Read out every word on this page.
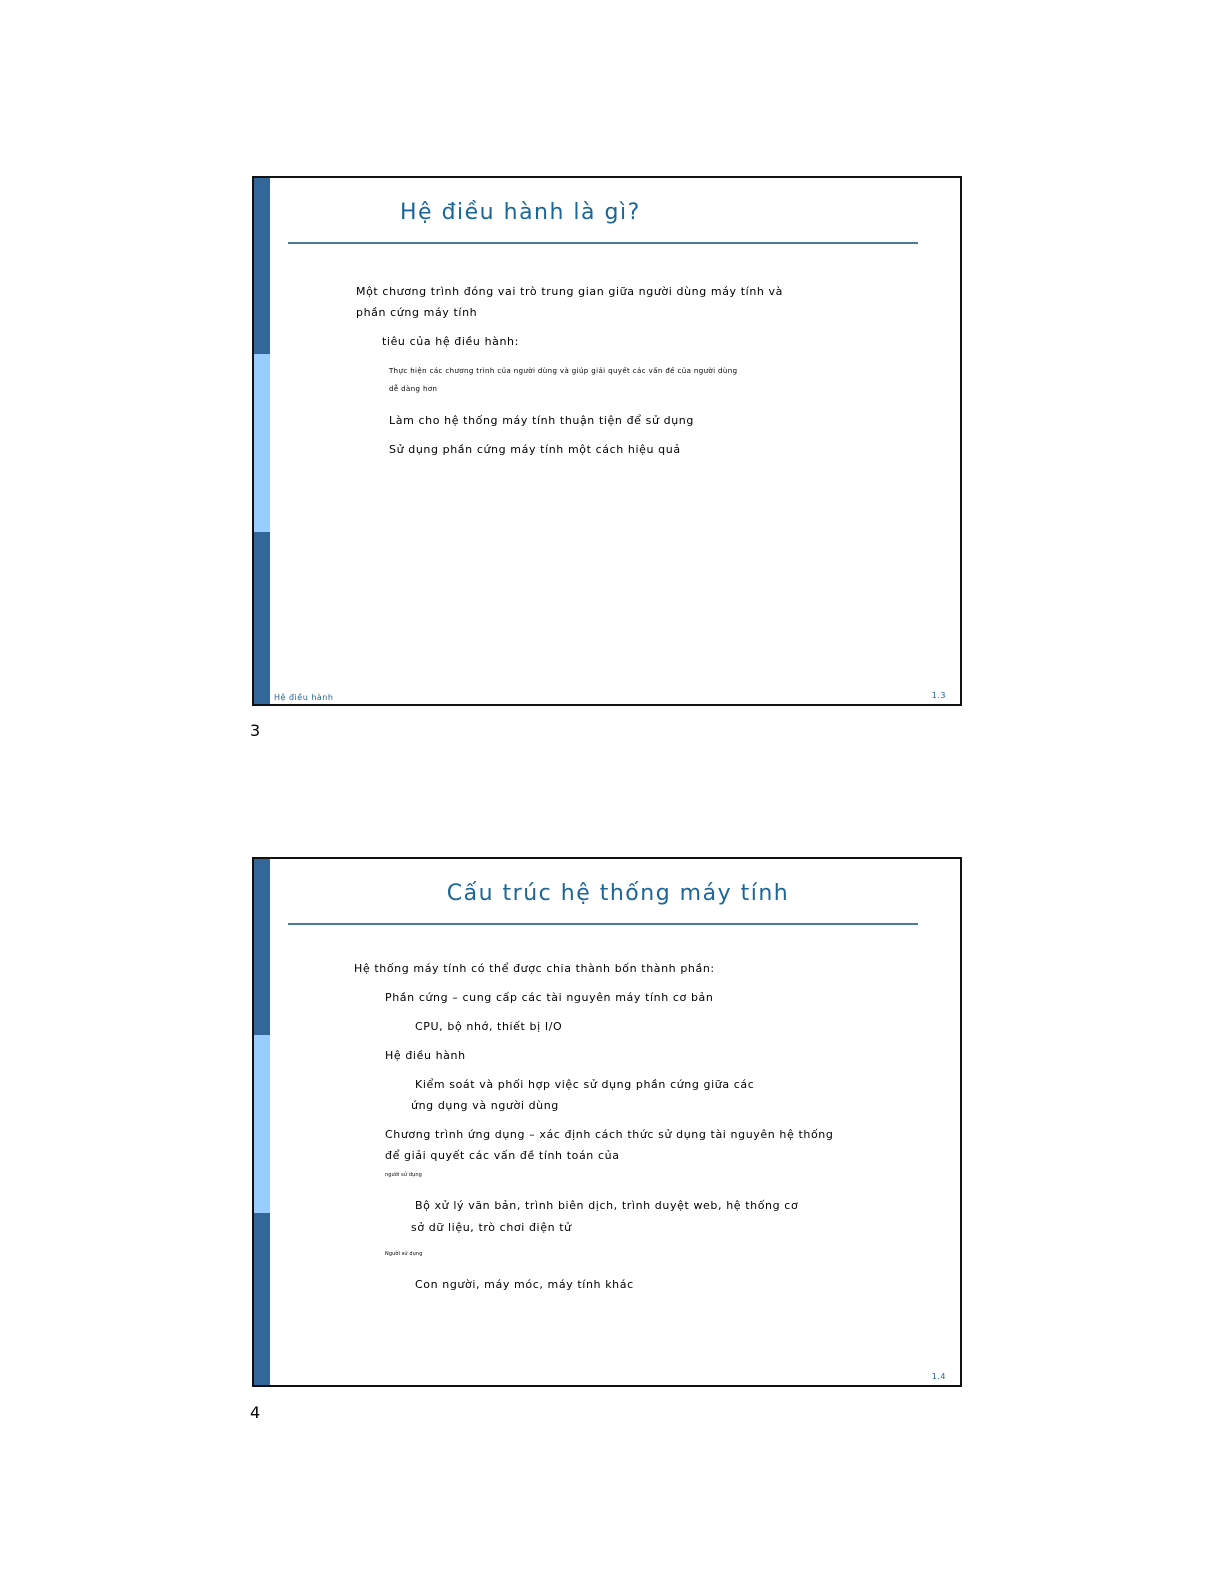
Hệ điều hành là gì?
Một chương trình đóng vai trò trung gian giữa người dùng máy tính và
phần cứng máy tính
tiêu của hệ điều hành:
Thực hiện các chương trình của người dùng và giúp giải quyết các vấn đề của người dùng
dễ dàng hơn
Làm cho hệ thống máy tính thuận tiện để sử dụng
Sử dụng phần cứng máy tính một cách hiệu quả
Hệ điều hành	1.3
3
Cấu trúc hệ thống máy tính
Hệ thống máy tính có thể được chia thành bốn thành phần:
Phần cứng – cung cấp các tài nguyên máy tính cơ bản
CPU, bộ nhớ, thiết bị I/O
Hệ điều hành
Kiểm soát và phối hợp việc sử dụng phần cứng giữa các
ứng dụng và người dùng
Chương trình ứng dụng – xác định cách thức sử dụng tài nguyên hệ thống
để giải quyết các vấn đề tính toán của
người sử dụng
Bộ xử lý văn bản, trình biên dịch, trình duyệt web, hệ thống cơ
sở dữ liệu, trò chơi điện tử
Người sử dụng
Con người, máy móc, máy tính khác
1.4
4
